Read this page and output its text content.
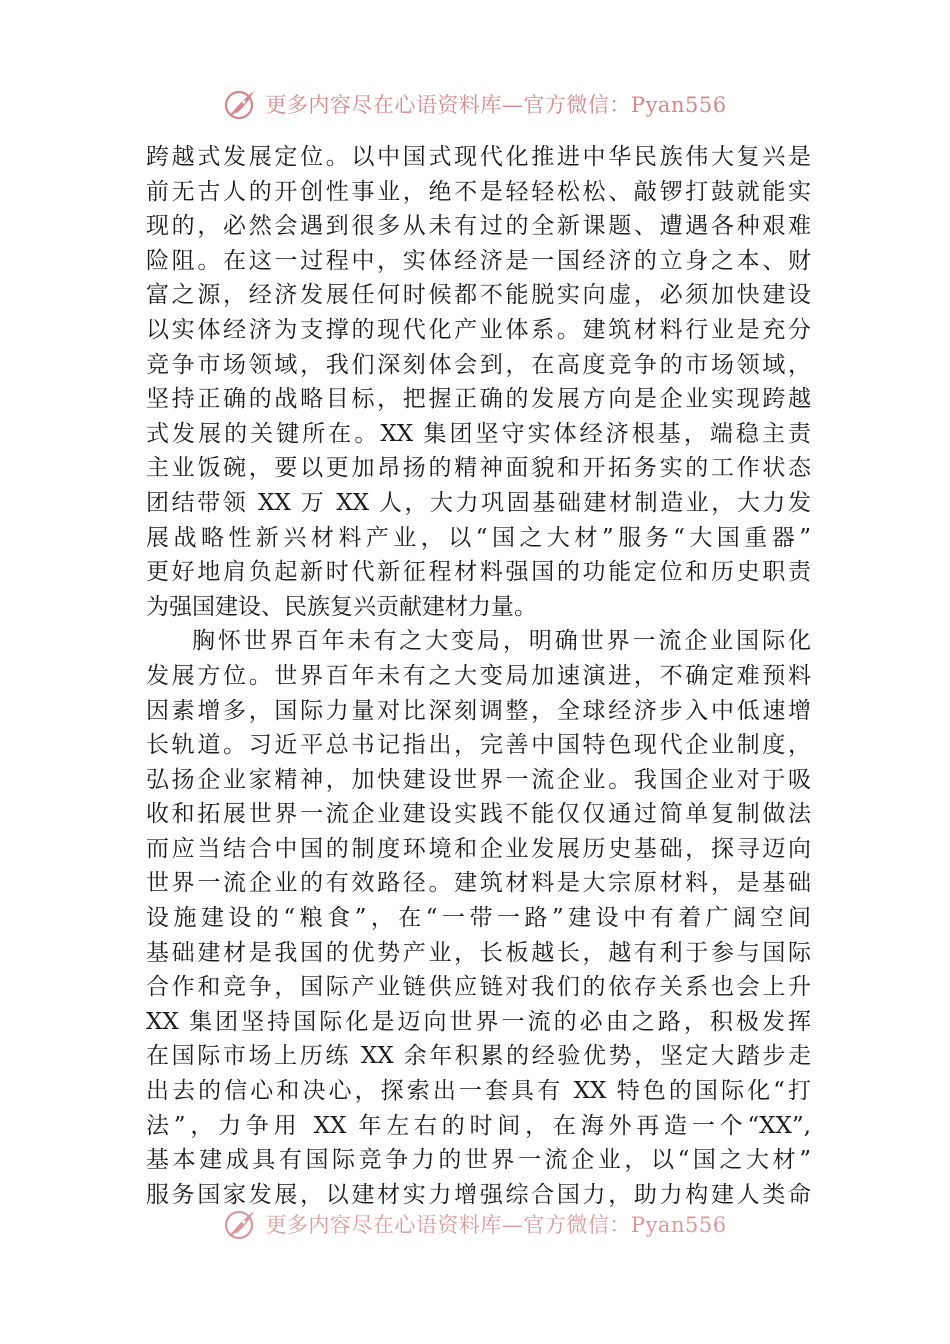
更多内容尽在心语资料库—官方微信：Pyan556
跨越式发展定位。以中国式现代化推进中华民族伟大复兴是
前无古人的开创性事业，绝不是轻轻松松、敲锣打鼓就能实
现的，必然会遇到很多从未有过的全新课题、遭遇各种艰难
险阻。在这一过程中，实体经济是一国经济的立身之本、财
富之源，经济发展任何时候都不能脱实向虚，必须加快建设
以实体经济为支撑的现代化产业体系。建筑材料行业是充分
竞争市场领域，我们深刻体会到，在高度竞争的市场领域，
坚持正确的战略目标，把握正确的发展方向是企业实现跨越
式发展的关键所在。XX 集团坚守实体经济根基，端稳主责
主业饭碗，要以更加昂扬的精神面貌和开拓务实的工作状态
团结带领 XX 万 XX 人，大力巩固基础建材制造业，大力发
展战略性新兴材料产业，以“国之大材”服务“大国重器”
更好地肩负起新时代新征程材料强国的功能定位和历史职责
为强国建设、民族复兴贡献建材力量。
胸怀世界百年未有之大变局，明确世界一流企业国际化
发展方位。世界百年未有之大变局加速演进，不确定难预料
因素增多，国际力量对比深刻调整，全球经济步入中低速增
长轨道。习近平总书记指出，完善中国特色现代企业制度，
弘扬企业家精神，加快建设世界一流企业。我国企业对于吸
收和拓展世界一流企业建设实践不能仅仅通过简单复制做法
而应当结合中国的制度环境和企业发展历史基础，探寻迈向
世界一流企业的有效路径。建筑材料是大宗原材料，是基础
设施建设的“粮食”，在“一带一路”建设中有着广阔空间
基础建材是我国的优势产业，长板越长，越有利于参与国际
合作和竞争，国际产业链供应链对我们的依存关系也会上升
XX 集团坚持国际化是迈向世界一流的必由之路，积极发挥
在国际市场上历练 XX 余年积累的经验优势，坚定大踏步走
出去的信心和决心，探索出一套具有 XX 特色的国际化“打
法”，力争用 XX 年左右的时间，在海外再造一个“XX”,
基本建成具有国际竞争力的世界一流企业，以“国之大材”
服务国家发展，以建材实力增强综合国力，助力构建人类命
更多内容尽在心语资料库—官方微信：Pyan556
